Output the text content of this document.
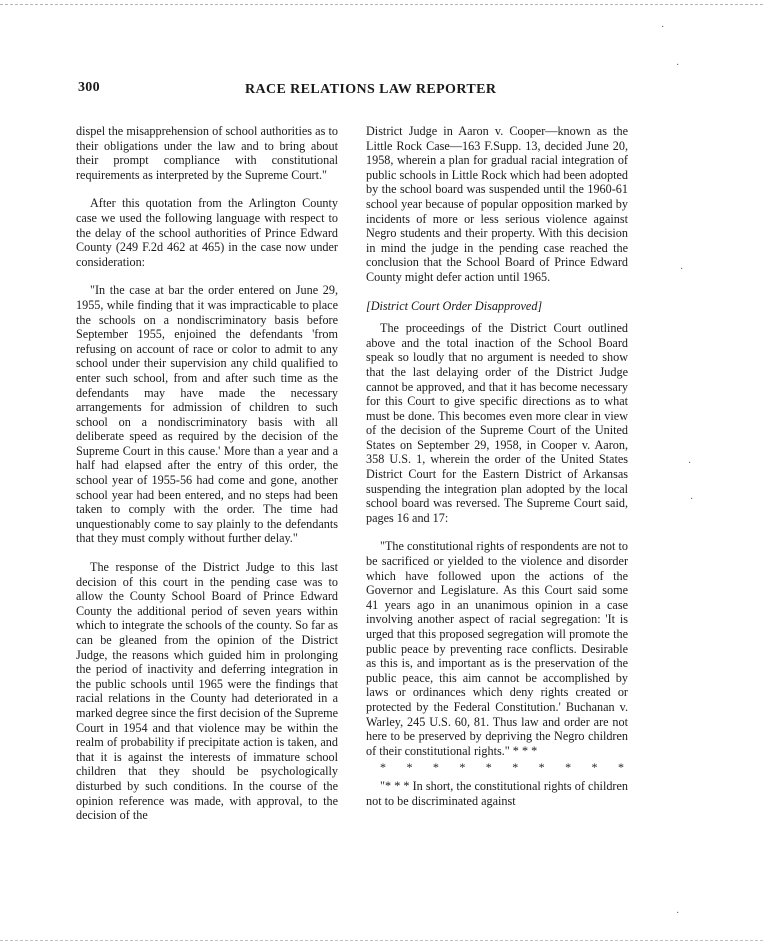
300	RACE RELATIONS LAW REPORTER

dispel the misapprehension of school authorities as to their obligations under the law and to bring about their prompt compliance with constitutional requirements as interpreted by the Supreme Court."

After this quotation from the Arlington County case we used the following language with respect to the delay of the school authorities of Prince Edward County (249 F.2d 462 at 465) in the case now under consideration:

"In the case at bar the order entered on June 29, 1955, while finding that it was impracticable to place the schools on a nondiscriminatory basis before September 1955, enjoined the defendants 'from refusing on account of race or color to admit to any school under their supervision any child qualified to enter such school, from and after such time as the defendants may have made the necessary arrangements for admission of children to such school on a nondiscriminatory basis with all deliberate speed as required by the decision of the Supreme Court in this cause.' More than a year and a half had elapsed after the entry of this order, the school year of 1955-56 had come and gone, another school year had been entered, and no steps had been taken to comply with the order. The time had unquestionably come to say plainly to the defendants that they must comply without further delay."

The response of the District Judge to this last decision of this court in the pending case was to allow the County School Board of Prince Edward County the additional period of seven years within which to integrate the schools of the county. So far as can be gleaned from the opinion of the District Judge, the reasons which guided him in prolonging the period of inactivity and deferring integration in the public schools until 1965 were the findings that racial relations in the County had deteriorated in a marked degree since the first decision of the Supreme Court in 1954 and that violence may be within the realm of probability if precipitate action is taken, and that it is against the interests of immature school children that they should be psychologically disturbed by such conditions. In the course of the opinion reference was made, with approval, to the decision of the

District Judge in Aaron v. Cooper—known as the Little Rock Case—163 F.Supp. 13, decided June 20, 1958, wherein a plan for gradual racial integration of public schools in Little Rock which had been adopted by the school board was suspended until the 1960-61 school year because of popular opposition marked by incidents of more or less serious violence against Negro students and their property. With this decision in mind the judge in the pending case reached the conclusion that the School Board of Prince Edward County might defer action until 1965.

[District Court Order Disapproved]

The proceedings of the District Court outlined above and the total inaction of the School Board speak so loudly that no argument is needed to show that the last delaying order of the District Judge cannot be approved, and that it has become necessary for this Court to give specific directions as to what must be done. This becomes even more clear in view of the decision of the Supreme Court of the United States on September 29, 1958, in Cooper v. Aaron, 358 U.S. 1, wherein the order of the United States District Court for the Eastern District of Arkansas suspending the integration plan adopted by the local school board was reversed. The Supreme Court said, pages 16 and 17:

"The constitutional rights of respondents are not to be sacrificed or yielded to the violence and disorder which have followed upon the actions of the Governor and Legislature. As this Court said some 41 years ago in an unanimous opinion in a case involving another aspect of racial segregation: 'It is urged that this proposed segregation will promote the public peace by preventing race conflicts. Desirable as this is, and important as is the preservation of the public peace, this aim cannot be accomplished by laws or ordinances which deny rights created or protected by the Federal Constitution.' Buchanan v. Warley, 245 U.S. 60, 81. Thus law and order are not here to be preserved by depriving the Negro children of their constitutional rights." * * *

* * * * * * * * * *

"* * * In short, the constitutional rights of children not to be discriminated against

·
·
·
·
·
·
